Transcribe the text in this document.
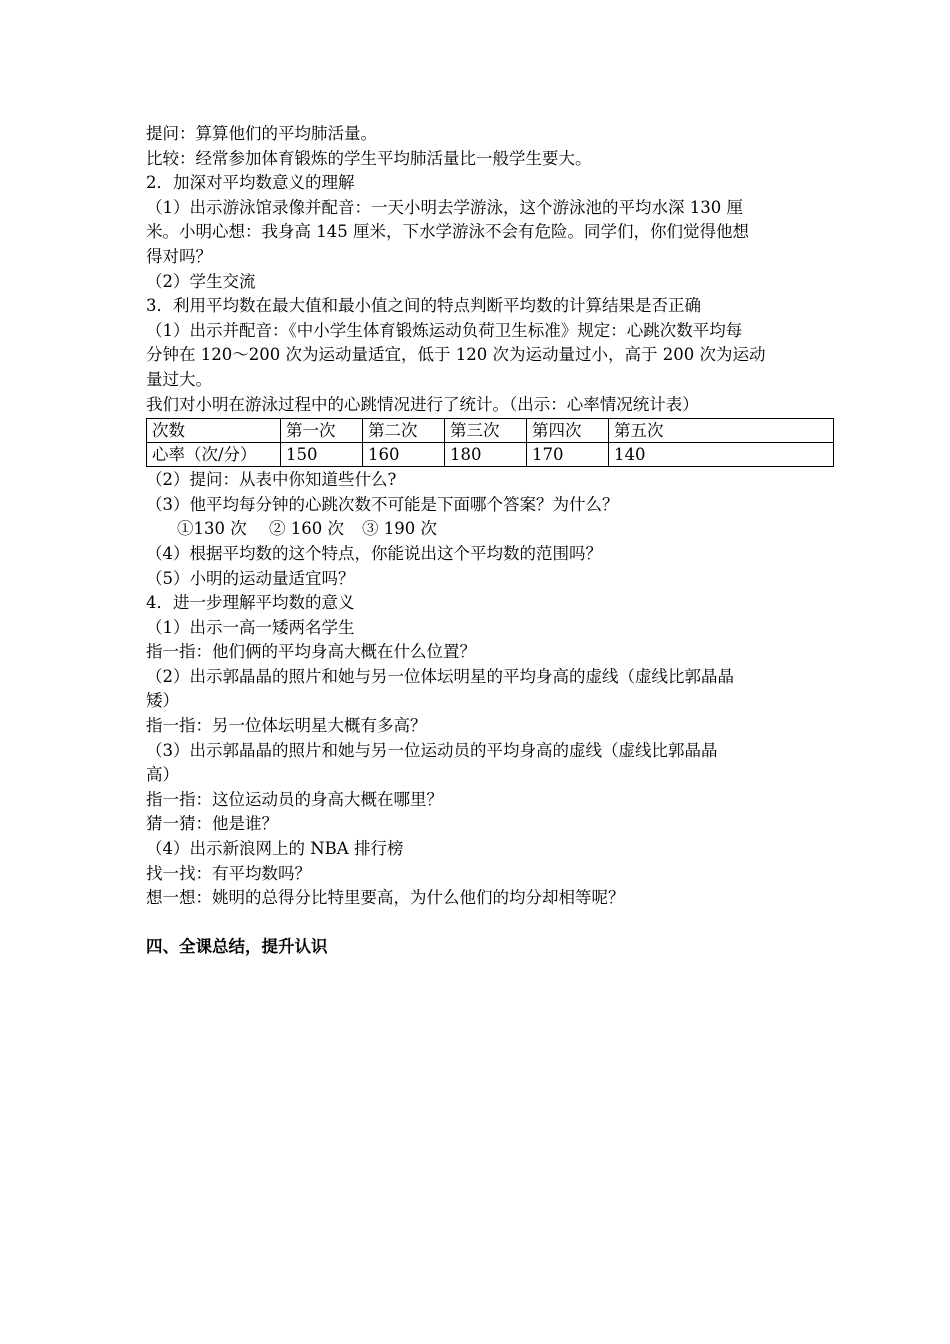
提问：算算他们的平均肺活量。
比较：经常参加体育锻炼的学生平均肺活量比一般学生要大。
2．加深对平均数意义的理解
（1）出示游泳馆录像并配音：一天小明去学游泳，这个游泳池的平均水深 130 厘
米。小明心想：我身高 145 厘米，下水学游泳不会有危险。同学们，你们觉得他想
得对吗？
（2）学生交流
3．利用平均数在最大值和最小值之间的特点判断平均数的计算结果是否正确
（1）出示并配音：《中小学生体育锻炼运动负荷卫生标准》规定：心跳次数平均每
分钟在 120～200 次为运动量适宜，低于 120 次为运动量过小，高于 200 次为运动
量过大。
我们对小明在游泳过程中的心跳情况进行了统计。（出示：心率情况统计表）
次数	第一次	第二次	第三次	第四次	第五次
心率（次/分）	150	160	180	170	140
（2）提问：从表中你知道些什么?
（3）他平均每分钟的心跳次数不可能是下面哪个答案？为什么？
①130 次 ② 160 次 ③ 190 次
（4）根据平均数的这个特点，你能说出这个平均数的范围吗？
（5）小明的运动量适宜吗？
4．进一步理解平均数的意义
（1）出示一高一矮两名学生
指一指：他们俩的平均身高大概在什么位置？
（2）出示郭晶晶的照片和她与另一位体坛明星的平均身高的虚线（虚线比郭晶晶
矮）
指一指：另一位体坛明星大概有多高？
（3）出示郭晶晶的照片和她与另一位运动员的平均身高的虚线（虚线比郭晶晶
高）
指一指：这位运动员的身高大概在哪里？
猜一猜：他是谁？
（4）出示新浪网上的 NBA 排行榜
找一找：有平均数吗？
想一想：姚明的总得分比特里要高，为什么他们的均分却相等呢？
四、全课总结，提升认识
